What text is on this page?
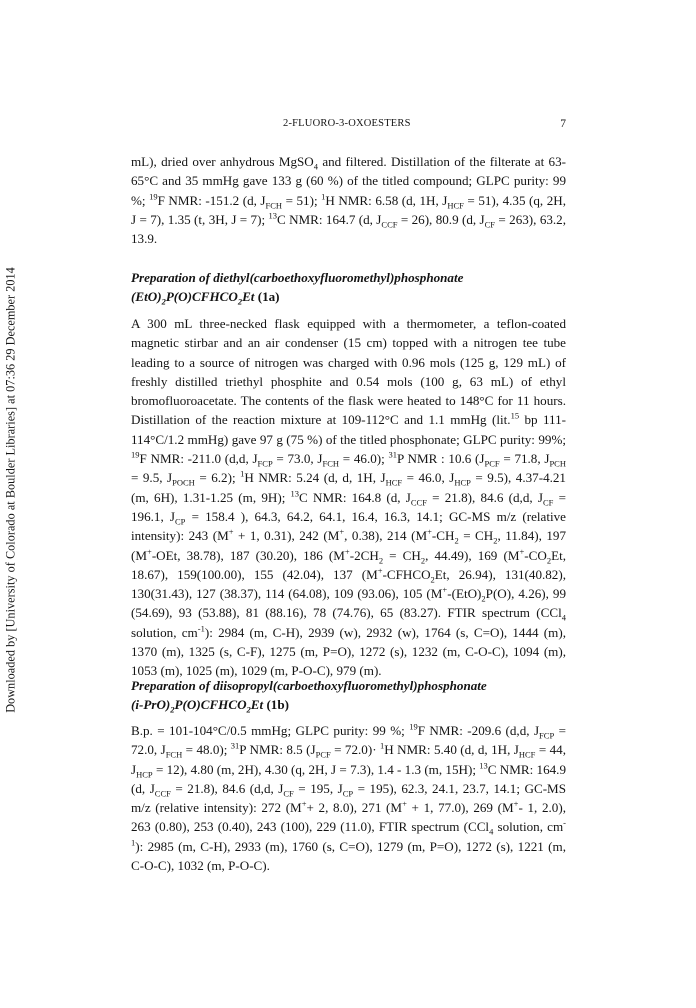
Downloaded by [University of Colorado at Boulder Libraries] at 07:36 29 December 2014
2-FLUORO-3-OXOESTERS	7

mL), dried over anhydrous MgSO$_4$ and filtered. Distillation of the filterate at 63-65°C and 35 mmHg gave 133 g (60 %) of the titled compound; GLPC purity: 99 %; $^{19}$F NMR: -151.2 (d, $J_{FCH} = 51$); $^1$H NMR: 6.58 (d, 1H, $J_{HCF} = 51$), 4.35 (q, 2H, J = 7), 1.35 (t, 3H, J = 7); $^{13}$C NMR: 164.7 (d, $J_{CCF} = 26$), 80.9 (d, $J_{CF} = 263$), 63.2, 13.9.

Preparation of diethyl(carboethoxyfluoromethyl)phosphonate
$(EtO)_2P(O)CFHCO_2Et$ (1a)

A 300 mL three-necked flask equipped with a thermometer, a teflon-coated magnetic stirbar and an air condenser (15 cm) topped with a nitrogen tee tube leading to a source of nitrogen was charged with 0.96 mols (125 g, 129 mL) of freshly distilled triethyl phosphite and 0.54 mols (100 g, 63 mL) of ethyl bromofluoroacetate. The contents of the flask were heated to 148°C for 11 hours. Distillation of the reaction mixture at 109-112°C and 1.1 mmHg (lit.$^{15}$ bp 111-114°C/1.2 mmHg) gave 97 g (75 %) of the titled phosphonate; GLPC purity: 99%; $^{19}$F NMR: -211.0 (d,d, $J_{FCP} = 73.0$, $J_{FCH} = 46.0$); $^{31}$P NMR : 10.6 ($J_{PCF} = 71.8$, $J_{PCH} = 9.5$, $J_{POCH} = 6.2$); $^1$H NMR: 5.24 (d, d, 1H, $J_{HCF} = 46.0$, $J_{HCP} = 9.5$), 4.37-4.21 (m, 6H), 1.31-1.25 (m, 9H); $^{13}$C NMR: 164.8 (d, $J_{CCF} = 21.8$), 84.6 (d,d, $J_{CF} = 196.1$, $J_{CP} = 158.4$ ), 64.3, 64.2, 64.1, 16.4, 16.3, 14.1; GC-MS m/z (relative intensity): 243 (M+ + 1, 0.31), 242 (M+, 0.38), 214 ($M^+-CH_2 = CH_2$, 11.84), 197 (M+-OEt, 38.78), 187 (30.20), 186 ($M^+-2CH_2 = CH_2$, 44.49), 169 ($M^+-CO_2Et$, 18.67), 159(100.00), 155 (42.04), 137 ($M^+-CFHCO_2Et$, 26.94), 131(40.82), 130(31.43), 127 (38.37), 114 (64.08), 109 (93.06), 105 ($M^+-(EtO)_2P(O)$, 4.26), 99 (54.69), 93 (53.88), 81 (88.16), 78 (74.76), 65 (83.27). FTIR spectrum (CCl$_4$ solution, $cm^{-1}$): 2984 (m, C-H), 2939 (w), 2932 (w), 1764 (s, C=O), 1444 (m), 1370 (m), 1325 (s, C-F), 1275 (m, P=O), 1272 (s), 1232 (m, C-O-C), 1094 (m), 1053 (m), 1025 (m), 1029 (m, P-O-C), 979 (m).

Preparation of diisopropyl(carboethoxyfluoromethyl)phosphonate
$(i-PrO)_2P(O)CFHCO_2Et$ (1b)

B.p. = 101-104°C/0.5 mmHg; GLPC purity: 99 %; $^{19}$F NMR: -209.6 (d,d, $J_{FCP} = 72.0$, $J_{FCH} = 48.0$); $^{31}$P NMR: 8.5 $(J_{PCF} = 72.0)\cdot ^1H$ NMR: 5.40 (d, d, 1H, $J_{HCF} = 44$, $J_{HCP} = 12$), 4.80 (m, 2H), 4.30 (q, 2H, J = 7.3), 1.4 - 1.3 (m, 15H); $^{13}$C NMR: 164.9 (d, $J_{CCF} = 21.8$), 84.6 (d,d, $J_{CF} = 195$, $J_{CP} = 195$), 62.3, 24.1, 23.7, 14.1; GC-MS m/z (relative intensity): 272 (M++ 2, 8.0), 271 (M+ + 1, 77.0), 269 (M+- 1, 2.0), 263 (0.80), 253 (0.40), 243 (100), 229 (11.0), FTIR spectrum (CCl$_4$ solution, $cm^{-1}$): 2985 (m, C-H), 2933 (m), 1760 (s, C=O), 1279 (m, P=O), 1272 (s), 1221 (m, C-O-C), 1032 (m, P-O-C).
